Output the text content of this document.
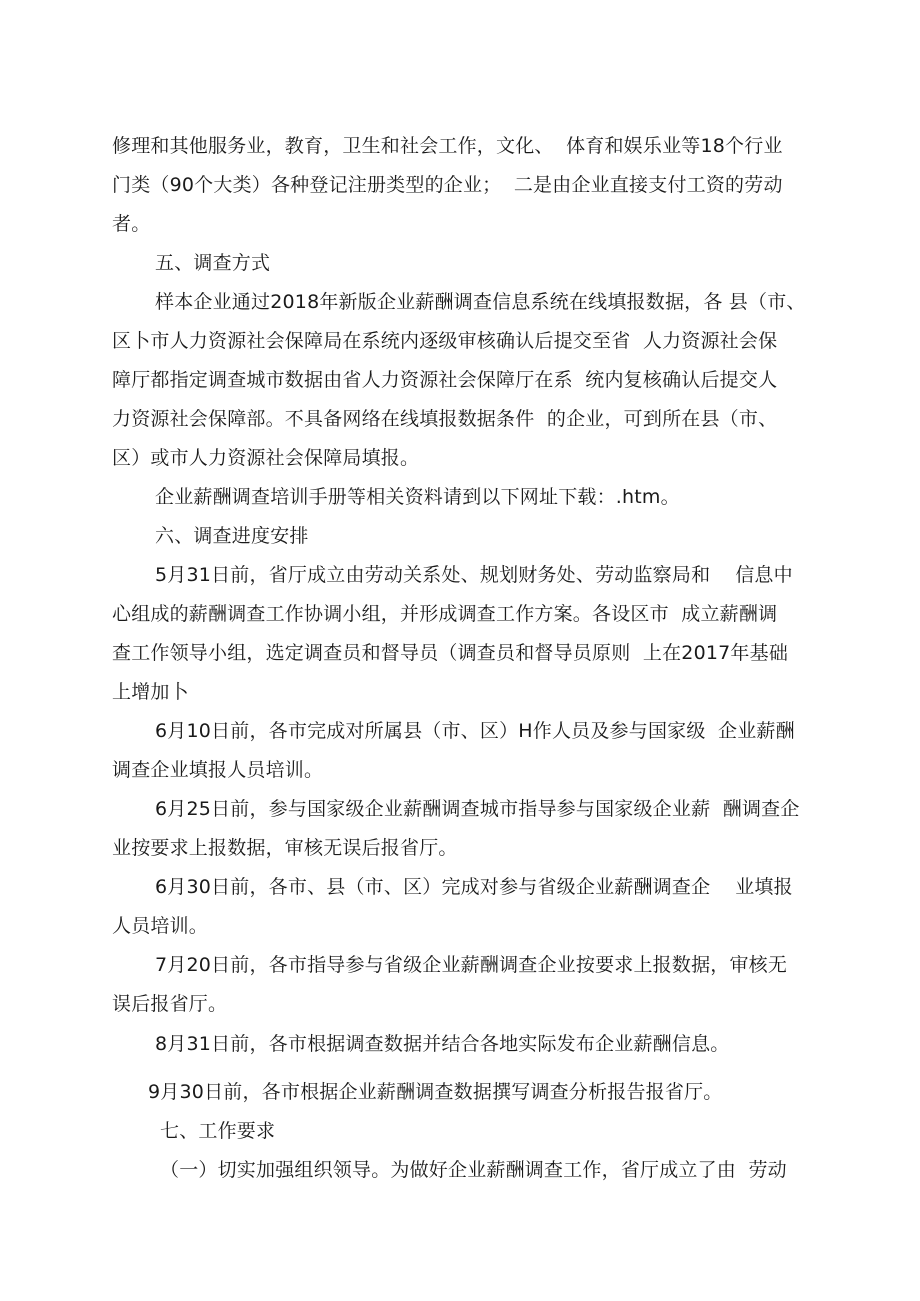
修理和其他服务业，教育，卫生和社会工作，文化、  体育和娱乐业等18个行业
门类（90个大类）各种登记注册类型的企业；  二是由企业直接支付工资的劳动
者。
五、调查方式
样本企业通过2018年新版企业薪酬调查信息系统在线填报数据，各 县（市、
区卜市人力资源社会保障局在系统内逐级审核确认后提交至省  人力资源社会保
障厅都指定调查城市数据由省人力资源社会保障厅在系  统内复核确认后提交人
力资源社会保障部。不具备网络在线填报数据条件  的企业，可到所在县（市、
区）或市人力资源社会保障局填报。
企业薪酬调查培训手册等相关资料请到以下网址下载：.htm。
六、调查进度安排
5月31日前，省厅成立由劳动关系处、规划财务处、劳动监察局和    信息中
心组成的薪酬调查工作协调小组，并形成调查工作方案。各设区市  成立薪酬调
查工作领导小组，选定调查员和督导员（调查员和督导员原则  上在2017年基础
上增加卜
6月10日前，各市完成对所属县（市、区）H作人员及参与国家级  企业薪酬
调查企业填报人员培训。
6月25日前，参与国家级企业薪酬调查城市指导参与国家级企业薪  酬调查企
业按要求上报数据，审核无误后报省厅。
6月30日前，各市、县（市、区）完成对参与省级企业薪酬调查企    业填报
人员培训。
7月20日前，各市指导参与省级企业薪酬调查企业按要求上报数据，审核无
误后报省厅。
8月31日前，各市根据调查数据并结合各地实际发布企业薪酬信息。
9月30日前，各市根据企业薪酬调查数据撰写调查分析报告报省厅。
七、工作要求
（一）切实加强组织领导。为做好企业薪酬调查工作，省厅成立了由  劳动
